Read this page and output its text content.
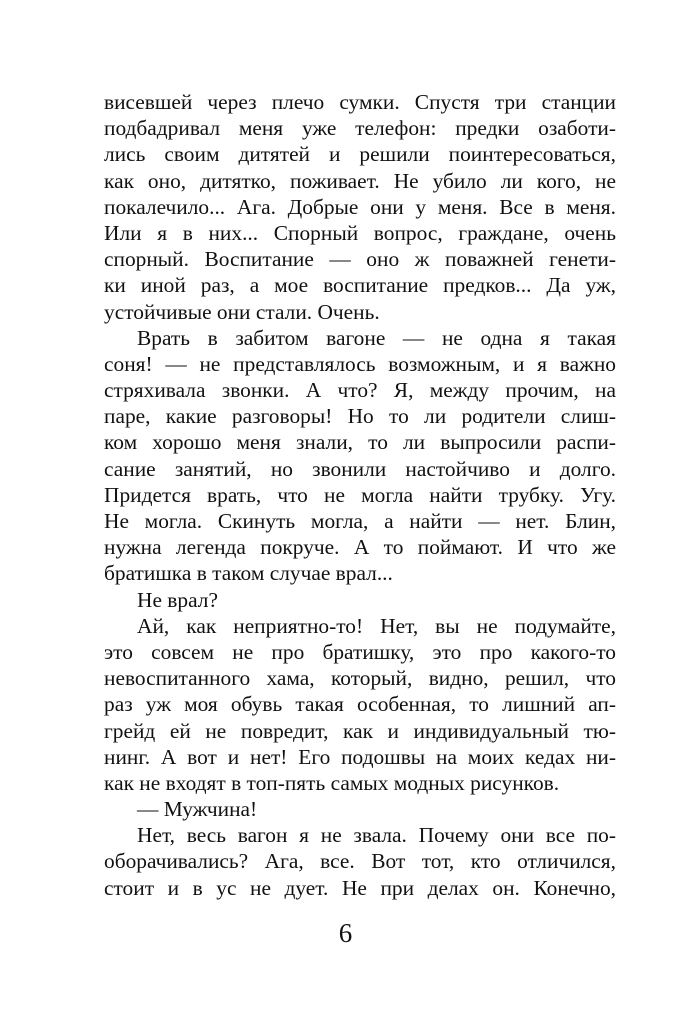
висевшей через плечо сумки. Спустя три станции
подбадривал меня уже телефон: предки озаботи-
лись своим дитятей и решили поинтересоваться,
как оно, дитятко, поживает. Не убило ли кого, не
покалечило... Ага. Добрые они у меня. Все в меня.
Или я в них... Спорный вопрос, граждане, очень
спорный. Воспитание — оно ж поважней генети-
ки иной раз, а мое воспитание предков... Да уж,
устойчивые они стали. Очень.
Врать в забитом вагоне — не одна я такая
соня! — не представлялось возможным, и я важно
стряхивала звонки. А что? Я, между прочим, на
паре, какие разговоры! Но то ли родители слиш-
ком хорошо меня знали, то ли выпросили распи-
сание занятий, но звонили настойчиво и долго.
Придется врать, что не могла найти трубку. Угу.
Не могла. Скинуть могла, а найти — нет. Блин,
нужна легенда покруче. А то поймают. И что же
братишка в таком случае врал...
Не врал?
Ай, как неприятно-то! Нет, вы не подумайте,
это совсем не про братишку, это про какого-то
невоспитанного хама, который, видно, решил, что
раз уж моя обувь такая особенная, то лишний ап-
грейд ей не повредит, как и индивидуальный тю-
нинг. А вот и нет! Его подошвы на моих кедах ни-
как не входят в топ-пять самых модных рисунков.
— Мужчина!
Нет, весь вагон я не звала. Почему они все по-
оборачивались? Ага, все. Вот тот, кто отличился,
стоит и в ус не дует. Не при делах он. Конечно,
6
